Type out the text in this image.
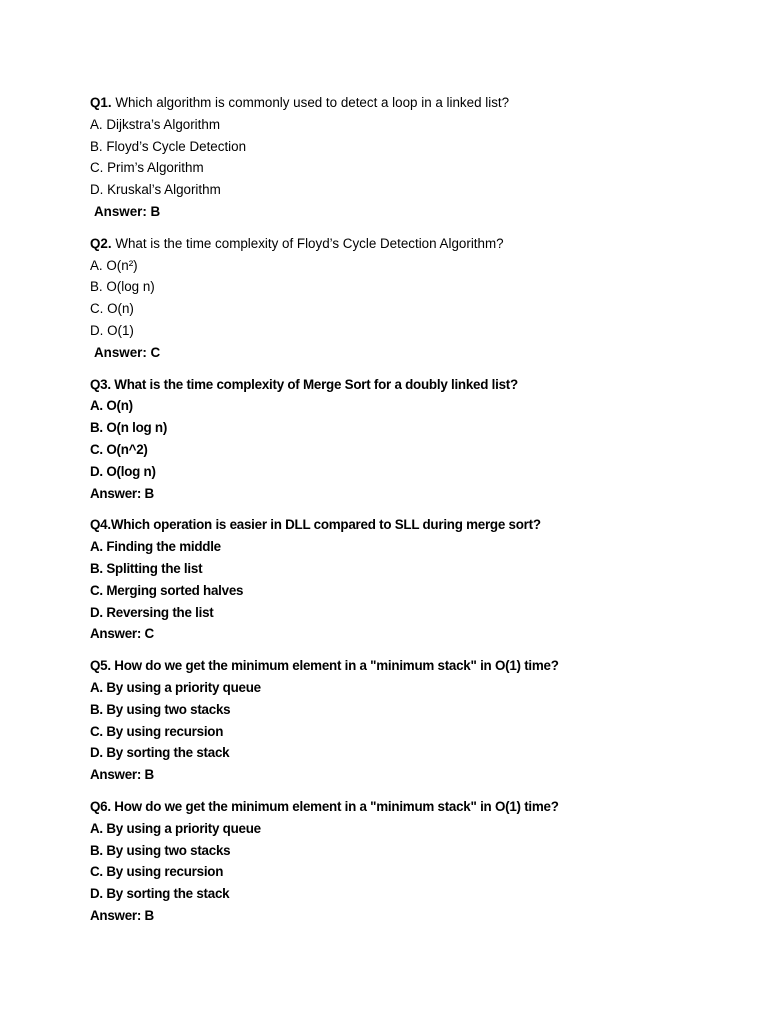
Q1. Which algorithm is commonly used to detect a loop in a linked list?
A. Dijkstra’s Algorithm
B. Floyd’s Cycle Detection
C. Prim’s Algorithm
D. Kruskal’s Algorithm
Answer: B
Q2. What is the time complexity of Floyd’s Cycle Detection Algorithm?
A. O(n²)
B. O(log n)
C. O(n)
D. O(1)
Answer: C
Q3. What is the time complexity of Merge Sort for a doubly linked list?
A. O(n)
B. O(n log n)
C. O(n^2)
D. O(log n)
Answer: B
Q4.Which operation is easier in DLL compared to SLL during merge sort?
A. Finding the middle
B. Splitting the list
C. Merging sorted halves
D. Reversing the list
Answer: C
Q5. How do we get the minimum element in a "minimum stack" in O(1) time?
A. By using a priority queue
B. By using two stacks
C. By using recursion
D. By sorting the stack
Answer: B
Q6. How do we get the minimum element in a "minimum stack" in O(1) time?
A. By using a priority queue
B. By using two stacks
C. By using recursion
D. By sorting the stack
Answer: B
